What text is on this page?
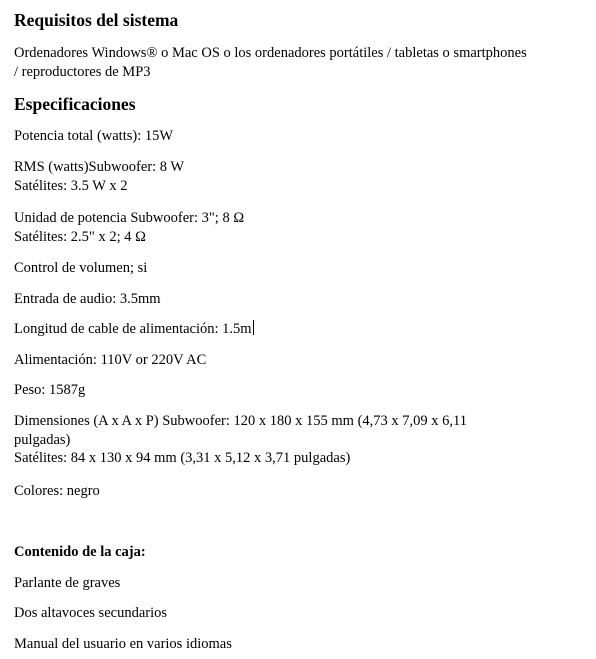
Requisitos del sistema

Ordenadores Windows® o Mac OS o los ordenadores portátiles / tabletas o smartphones
/ reproductores de MP3

Especificaciones

Potencia total (watts): 15W

RMS (watts)Subwoofer: 8 W
Satélites: 3.5 W x 2

Unidad de potencia Subwoofer: 3"; 8 Ω
Satélites: 2.5" x 2; 4 Ω

Control de volumen; si

Entrada de audio: 3.5mm

Longitud de cable de alimentación: 1.5m

Alimentación: 110V or 220V AC

Peso: 1587g

Dimensiones (A x A x P) Subwoofer: 120 x 180 x 155 mm (4,73 x 7,09 x 6,11
pulgadas)
Satélites: 84 x 130 x 94 mm (3,31 x 5,12 x 3,71 pulgadas)

Colores: negro

Contenido de la caja:

Parlante de graves

Dos altavoces secundarios

Manual del usuario en varios idiomas
